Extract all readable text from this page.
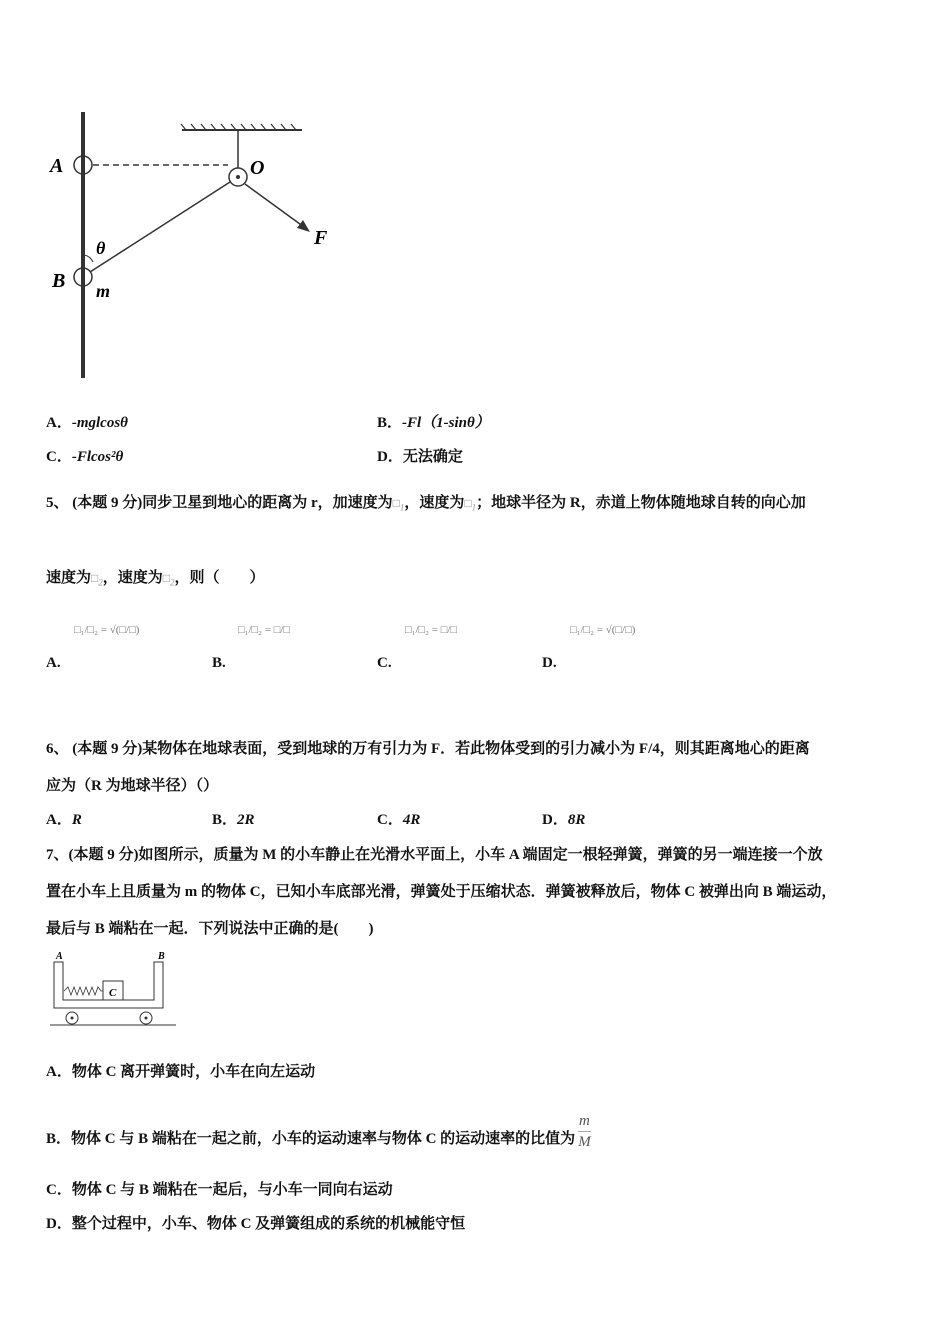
A	O
F
θ
B m
A．-mglcosθ	B．-Fl（1-sinθ）
C．-Flcos²θ	D．无法确定
5、 (本题 9 分)同步卫星到地心的距离为 r，加速度为$□_1$，速度为$□_1$；地球半径为 R，赤道上物体随地球自转的向心加
速度为$□_2$，速度为$□_2$，则（　　）
A.
□₁/□₂ = √(□/□)
B.
□₁/□₂ = □/□
C.
□₁/□₂ = □/□
D.
□₁/□₂ = √(□/□)
6、 (本题 9 分)某物体在地球表面，受到地球的万有引力为 F．若此物体受到的引力减小为 F/4，则其距离地心的距离
应为（R 为地球半径）（）
A．R	B．2R	C．4R	D．8R
7、(本题 9 分)如图所示，质量为 M 的小车静止在光滑水平面上，小车 A 端固定一根轻弹簧，弹簧的另一端连接一个放
置在小车上且质量为 m 的物体 C，已知小车底部光滑，弹簧处于压缩状态．弹簧被释放后，物体 C 被弹出向 B 端运动，
最后与 B 端粘在一起．下列说法中正确的是(　　)
A	B
C
A．物体 C 离开弹簧时，小车在向左运动
B．物体 C 与 B 端粘在一起之前，小车的运动速率与物体 C 的运动速率的比值为 $\frac{m}{M}$
C．物体 C 与 B 端粘在一起后，与小车一同向右运动
D．整个过程中，小车、物体 C 及弹簧组成的系统的机械能守恒
